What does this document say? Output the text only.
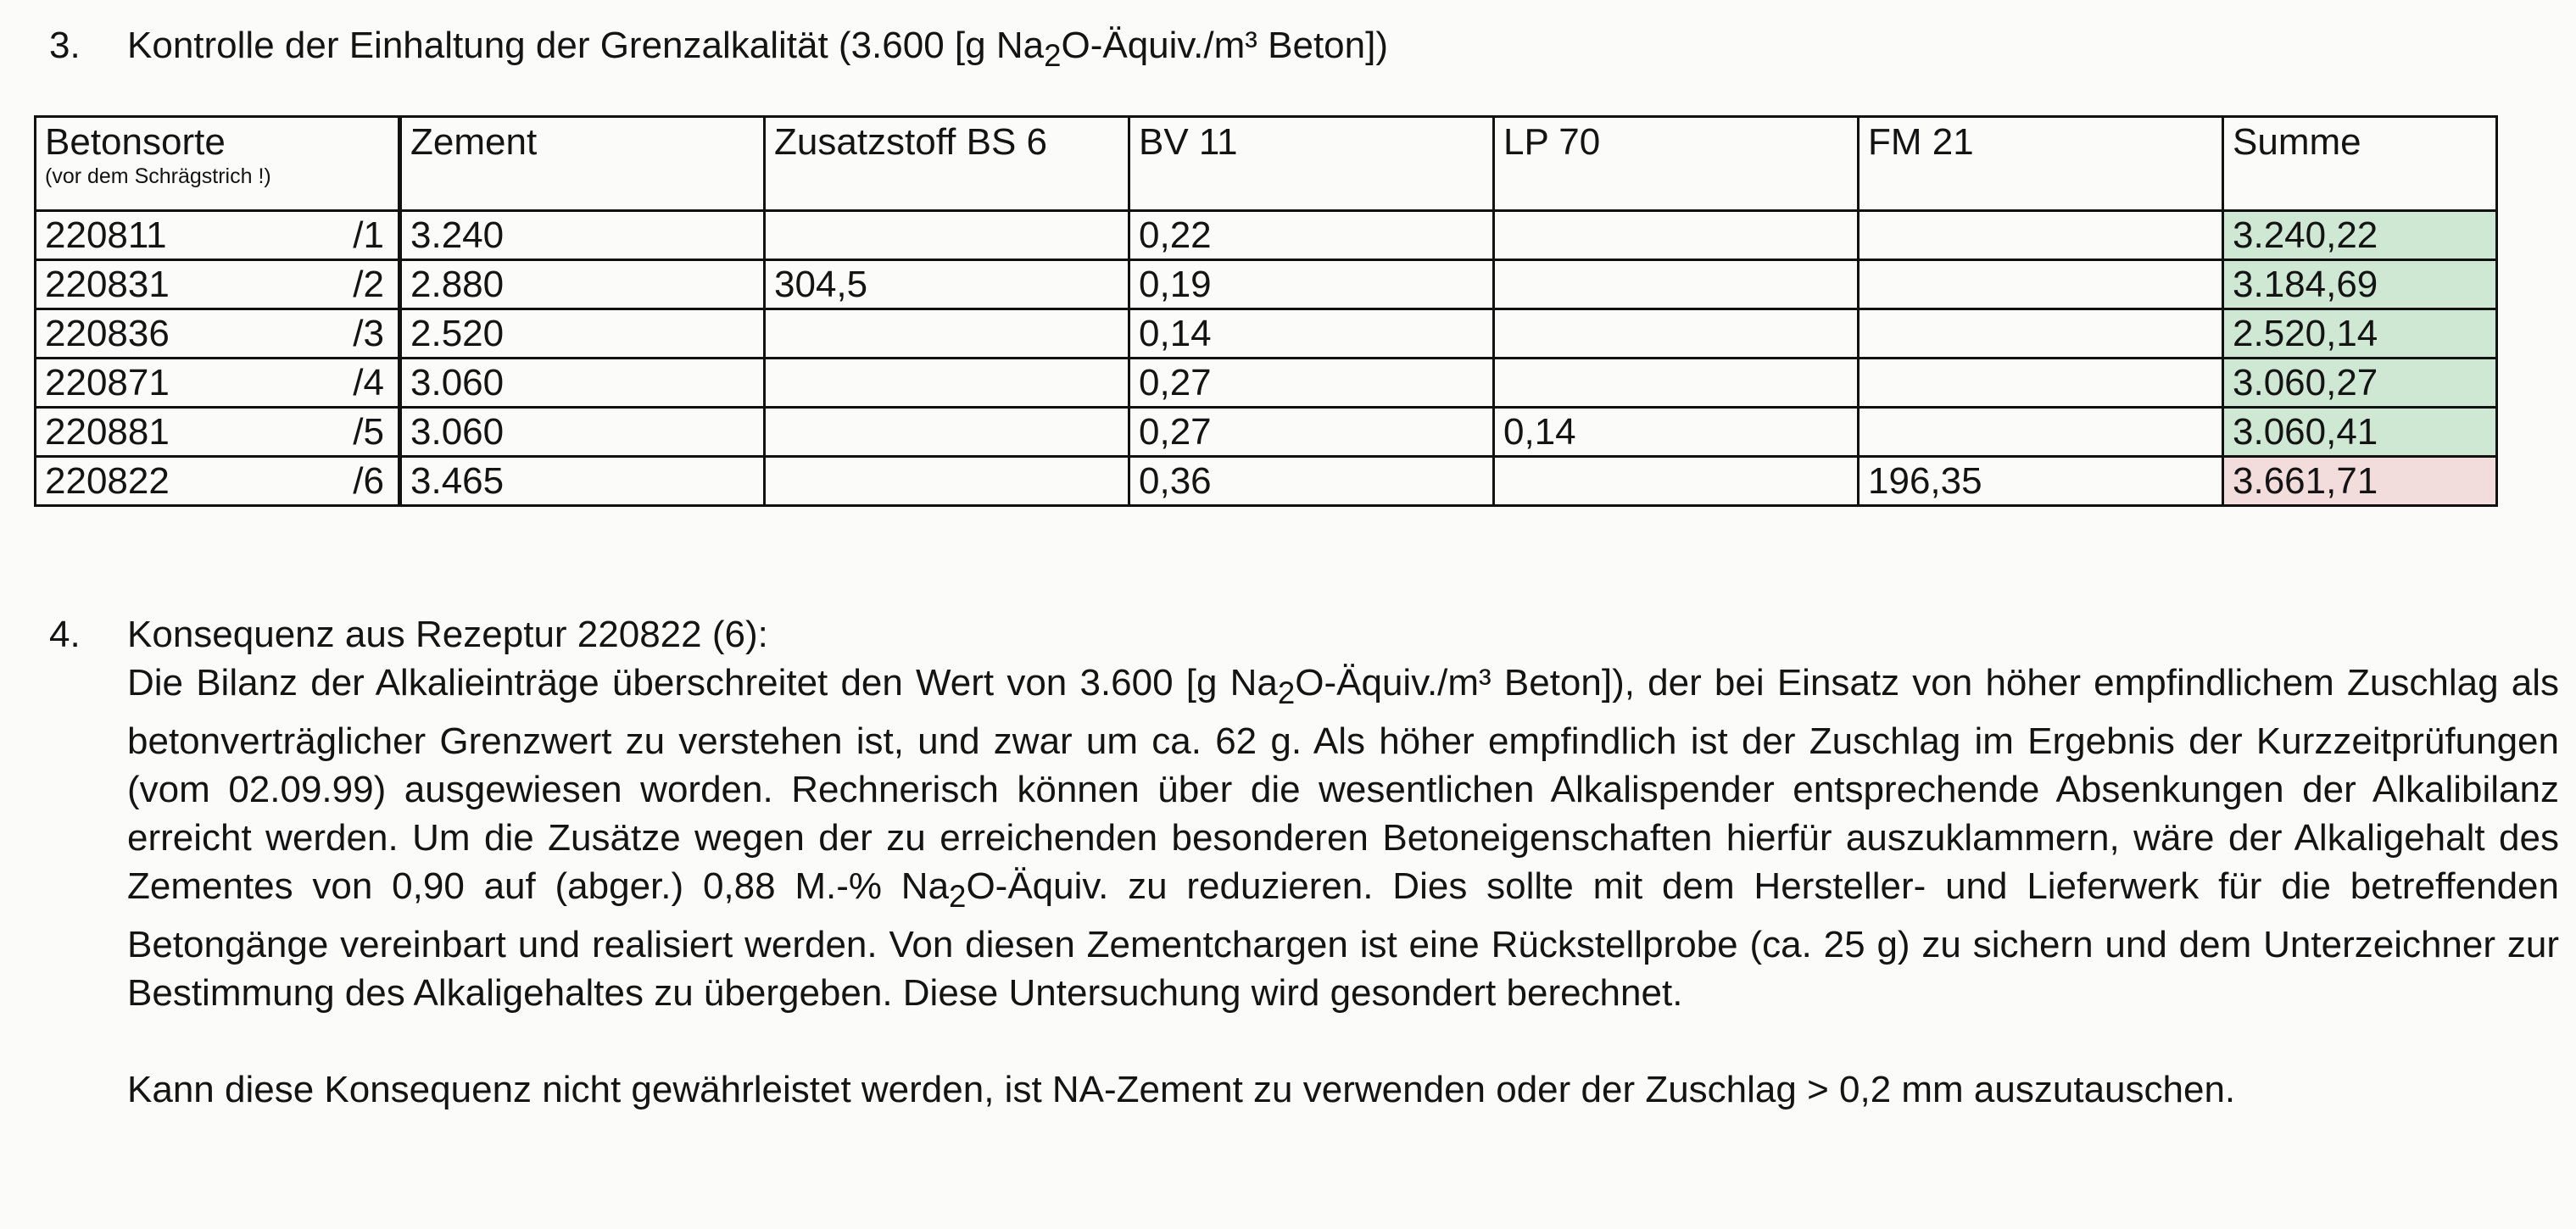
3. Kontrolle der Einhaltung der Grenzalkalität (3.600 [g $Na_2O-Äquiv./m^3$ Beton])
Betonsorte
(vor dem Schrägstrich !)	Zement	Zusatzstoff BS 6	BV 11	LP 70	FM 21	Summe

220811 /1	3.240		0,22			3.240,22

220831 /2	2.880	304,5	0,19			3.184,69

220836 /3	2.520		0,14			2.520,14

220871 /4	3.060		0,27			3.060,27

220881 /5	3.060		0,27	0,14		3.060,41

220822 /6	3.465		0,36		196,35	3.661,71
4.	Konsequenz aus Rezeptur 220822 (6):

Die Bilanz der Alkalieinträge überschreitet den Wert von 3.600 [g $Na_2O-Äquiv./m^3$ Beton]), der bei Einsatz von höher empfindlichem Zuschlag als betonverträglicher Grenzwert zu verstehen ist, und zwar um ca. 62 g. Als höher empfindlich ist der Zuschlag im Ergebnis der Kurzzeitprüfungen (vom 02.09.99) ausgewiesen worden. Rechnerisch können über die wesentlichen Alkalispender entsprechende Absenkungen der Alkalibilanz erreicht werden. Um die Zusätze wegen der zu erreichenden besonderen Betoneigenschaften hierfür auszuklammern, wäre der Alkaligehalt des Zementes von 0,90 auf (abger.) 0,88 M.-% $Na_2O$-Äquiv. zu reduzieren. Dies sollte mit dem Hersteller- und Lieferwerk für die betreffenden Betongänge vereinbart und realisiert werden. Von diesen Zementchargen ist eine Rückstellprobe (ca. 25 g) zu sichern und dem Unterzeichner zur Bestimmung des Alkaligehaltes zu übergeben. Diese Untersuchung wird gesondert berechnet.

Kann diese Konsequenz nicht gewährleistet werden, ist NA-Zement zu verwenden oder der Zuschlag > 0,2 mm auszutauschen.
